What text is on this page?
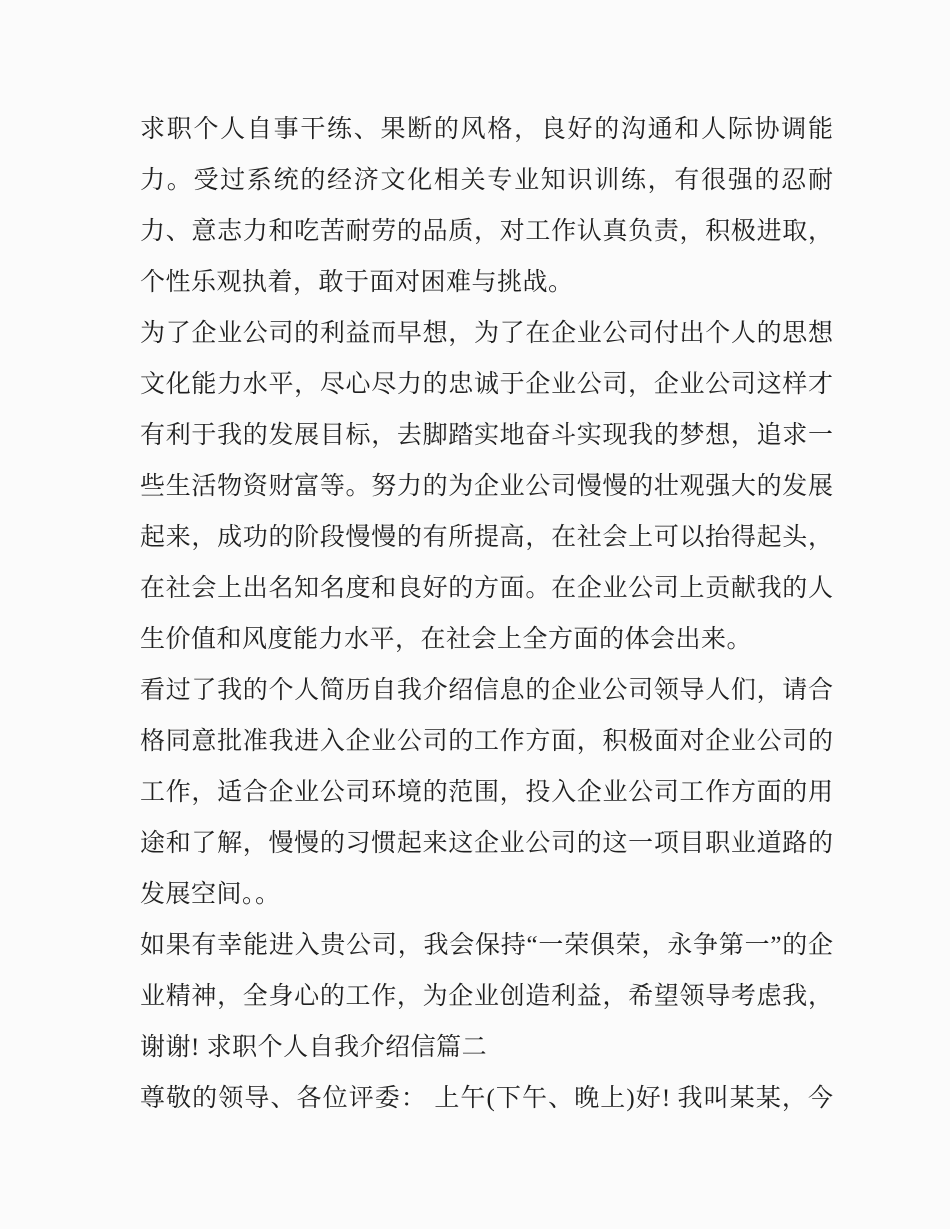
求职个人自事干练、果断的风格，良好的沟通和人际协调能
力。受过系统的经济文化相关专业知识训练，有很强的忍耐
力、意志力和吃苦耐劳的品质，对工作认真负责，积极进取，
个性乐观执着，敢于面对困难与挑战。
为了企业公司的利益而早想，为了在企业公司付出个人的思想
文化能力水平，尽心尽力的忠诚于企业公司，企业公司这样才
有利于我的发展目标，去脚踏实地奋斗实现我的梦想，追求一
些生活物资财富等。努力的为企业公司慢慢的壮观强大的发展
起来，成功的阶段慢慢的有所提高，在社会上可以抬得起头，
在社会上出名知名度和良好的方面。在企业公司上贡献我的人
生价值和风度能力水平，在社会上全方面的体会出来。
看过了我的个人简历自我介绍信息的企业公司领导人们，请合
格同意批准我进入企业公司的工作方面，积极面对企业公司的
工作，适合企业公司环境的范围，投入企业公司工作方面的用
途和了解，慢慢的习惯起来这企业公司的这一项目职业道路的
发展空间。。
如果有幸能进入贵公司，我会保持“一荣俱荣，永争第一”的企
业精神，全身心的工作，为企业创造利益，希望领导考虑我，
谢谢! 求职个人自我介绍信篇二
尊敬的领导、各位评委： 上午(下午、晚上)好! 我叫某某，今
